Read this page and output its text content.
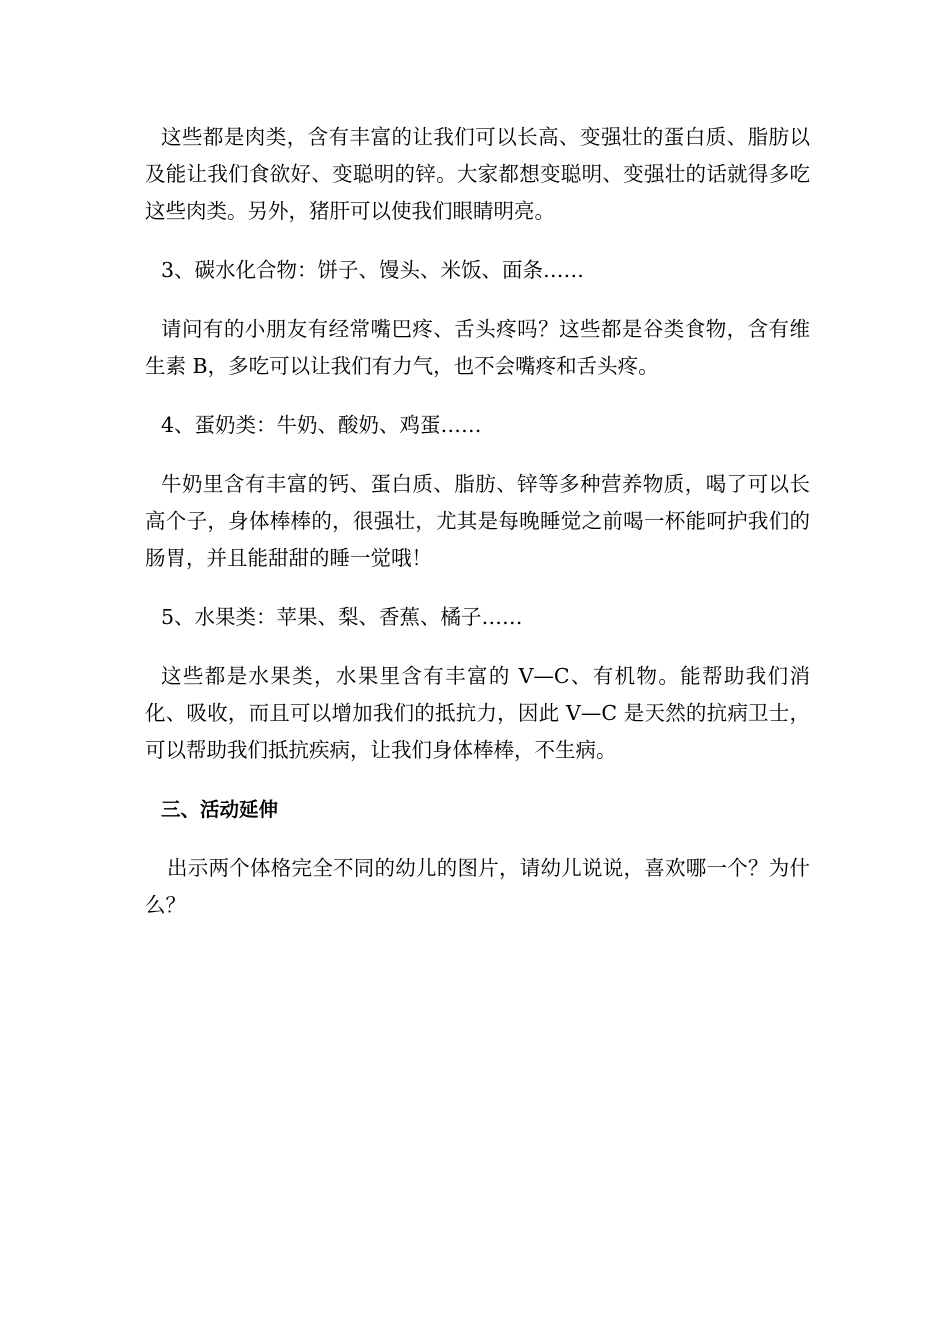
这些都是肉类，含有丰富的让我们可以长高、变强壮的蛋白质、脂肪以及能让我们食欲好、变聪明的锌。大家都想变聪明、变强壮的话就得多吃这些肉类。另外，猪肝可以使我们眼睛明亮。

3、碳水化合物：饼子、馒头、米饭、面条……

请问有的小朋友有经常嘴巴疼、舌头疼吗？这些都是谷类食物，含有维生素 B，多吃可以让我们有力气，也不会嘴疼和舌头疼。

4、蛋奶类：牛奶、酸奶、鸡蛋……

牛奶里含有丰富的钙、蛋白质、脂肪、锌等多种营养物质，喝了可以长高个子，身体棒棒的，很强壮，尤其是每晚睡觉之前喝一杯能呵护我们的肠胃，并且能甜甜的睡一觉哦！

5、水果类：苹果、梨、香蕉、橘子……

这些都是水果类，水果里含有丰富的 V—C、有机物。能帮助我们消化、吸收，而且可以增加我们的抵抗力，因此 V—C 是天然的抗病卫士，可以帮助我们抵抗疾病，让我们身体棒棒，不生病。

三、活动延伸

出示两个体格完全不同的幼儿的图片，请幼儿说说，喜欢哪一个？为什么？
